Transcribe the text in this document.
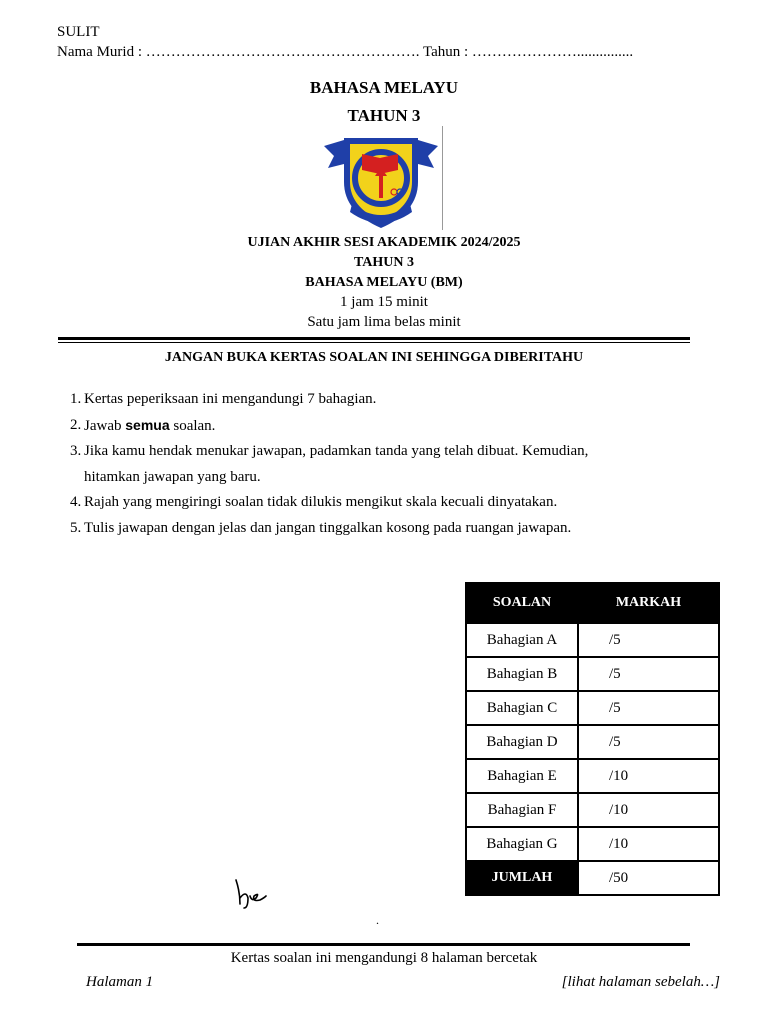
SULIT
Nama Murid : ………………………………………………. Tahun : …………………...............
BAHASA MELAYU
TAHUN 3
UJIAN AKHIR SESI AKADEMIK 2024/2025
TAHUN 3
BAHASA MELAYU (BM)
1 jam 15 minit
Satu jam lima belas minit
JANGAN BUKA KERTAS SOALAN INI SEHINGGA DIBERITAHU
1. Kertas peperiksaan ini mengandungi 7 bahagian.
2. Jawab semua soalan.
3. Jika kamu hendak menukar jawapan, padamkan tanda yang telah dibuat. Kemudian,
hitamkan jawapan yang baru.
4. Rajah yang mengiringi soalan tidak dilukis mengikut skala kecuali dinyatakan.
5. Tulis jawapan dengan jelas dan jangan tinggalkan kosong pada ruangan jawapan.
SOALAN	MARKAH
Bahagian A	/5
Bahagian B	/5
Bahagian C	/5
Bahagian D	/5
Bahagian E	/10
Bahagian F	/10
Bahagian G	/10
JUMLAH	/50
.
Kertas soalan ini mengandungi 8 halaman bercetak
Halaman 1	[lihat halaman sebelah…]
